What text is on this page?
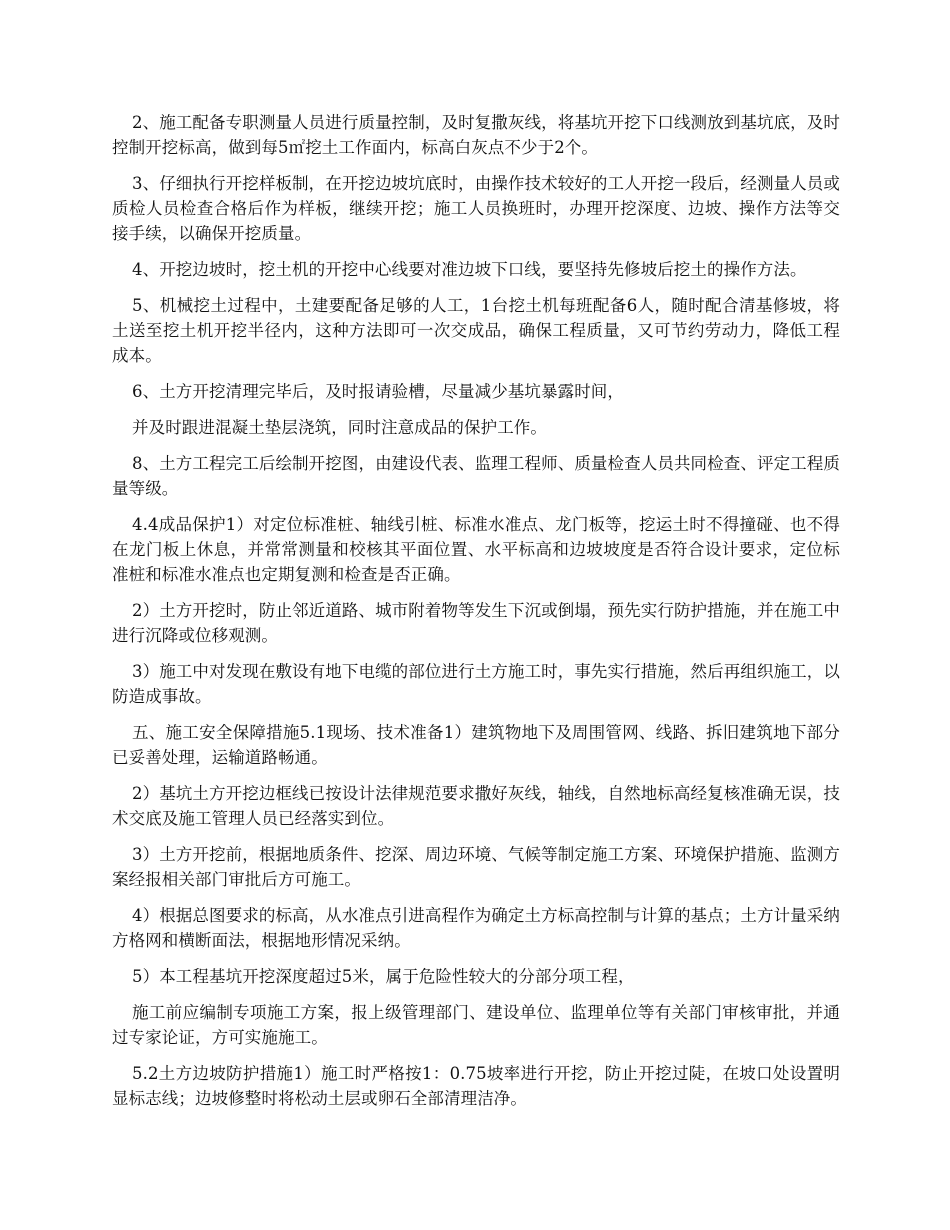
2、施工配备专职测量人员进行质量控制，及时复撒灰线，将基坑开挖下口线测放到基坑底，及时控制开挖标高，做到每5㎡挖土工作面内，标高白灰点不少于2个。

3、仔细执行开挖样板制，在开挖边坡坑底时，由操作技术较好的工人开挖一段后，经测量人员或质检人员检查合格后作为样板，继续开挖；施工人员换班时，办理开挖深度、边坡、操作方法等交接手续，以确保开挖质量。

4、开挖边坡时，挖土机的开挖中心线要对准边坡下口线，要坚持先修坡后挖土的操作方法。

5、机械挖土过程中，土建要配备足够的人工，1台挖土机每班配备6人，随时配合清基修坡，将土送至挖土机开挖半径内，这种方法即可一次交成品，确保工程质量，又可节约劳动力，降低工程成本。

6、土方开挖清理完毕后，及时报请验槽，尽量减少基坑暴露时间，

并及时跟进混凝土垫层浇筑，同时注意成品的保护工作。

8、土方工程完工后绘制开挖图，由建设代表、监理工程师、质量检查人员共同检查、评定工程质量等级。

4.4成品保护1）对定位标准桩、轴线引桩、标准水准点、龙门板等，挖运土时不得撞碰、也不得在龙门板上休息，并常常测量和校核其平面位置、水平标高和边坡坡度是否符合设计要求，定位标准桩和标准水准点也定期复测和检查是否正确。

2）土方开挖时，防止邻近道路、城市附着物等发生下沉或倒塌，预先实行防护措施，并在施工中进行沉降或位移观测。

3）施工中对发现在敷设有地下电缆的部位进行土方施工时，事先实行措施，然后再组织施工，以防造成事故。

五、施工安全保障措施5.1现场、技术准备1）建筑物地下及周围管网、线路、拆旧建筑地下部分已妥善处理，运输道路畅通。

2）基坑土方开挖边框线已按设计法律规范要求撒好灰线，轴线，自然地标高经复核准确无误，技术交底及施工管理人员已经落实到位。

3）土方开挖前，根据地质条件、挖深、周边环境、气候等制定施工方案、环境保护措施、监测方案经报相关部门审批后方可施工。

4）根据总图要求的标高，从水准点引进高程作为确定土方标高控制与计算的基点；土方计量采纳方格网和横断面法，根据地形情况采纳。

5）本工程基坑开挖深度超过5米，属于危险性较大的分部分项工程，

施工前应编制专项施工方案，报上级管理部门、建设单位、监理单位等有关部门审核审批，并通过专家论证，方可实施施工。

5.2土方边坡防护措施1）施工时严格按1：0.75坡率进行开挖，防止开挖过陡，在坡口处设置明显标志线；边坡修整时将松动土层或卵石全部清理洁净。
